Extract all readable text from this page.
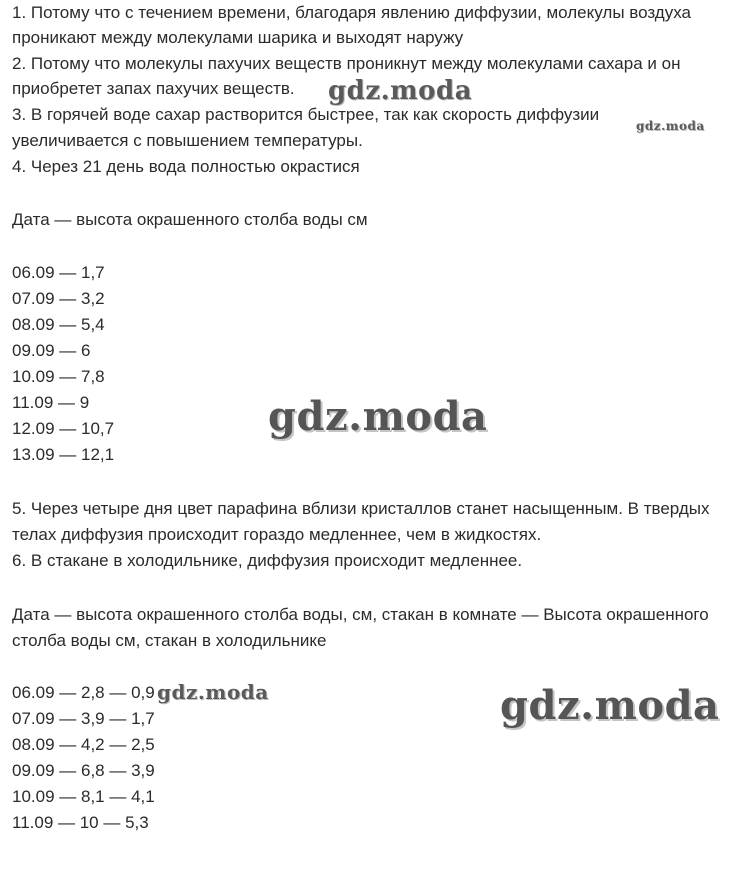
1. Потому что с течением времени, благодаря явлению диффузии, молекулы воздуха
проникают между молекулами шарика и выходят наружу
2. Потому что молекулы пахучих веществ проникнут между молекулами сахара и он
приобретет запах пахучих веществ.
3. В горячей воде сахар растворится быстрее, так как скорость диффузии
увеличивается с повышением температуры.
4. Через 21 день вода полностью окрастися
Дата — высота окрашенного столба воды см
06.09 — 1,7
07.09 — 3,2
08.09 — 5,4
09.09 — 6
10.09 — 7,8
11.09 — 9
12.09 — 10,7
13.09 — 12,1
5. Через четыре дня цвет парафина вблизи кристаллов станет насыщенным. В твердых
телах диффузия происходит гораздо медленнее, чем в жидкостях.
6. В стакане в холодильнике, диффузия происходит медленнее.
Дата — высота окрашенного столба воды, см, стакан в комнате — Высота окрашенного
столба воды см, стакан в холодильнике
06.09 — 2,8 — 0,9
07.09 — 3,9 — 1,7
08.09 — 4,2 — 2,5
09.09 — 6,8 — 3,9
10.09 — 8,1 — 4,1
11.09 — 10 — 5,3
gdz.moda
gdz.moda
gdz.moda
gdz.moda	gdz.moda
